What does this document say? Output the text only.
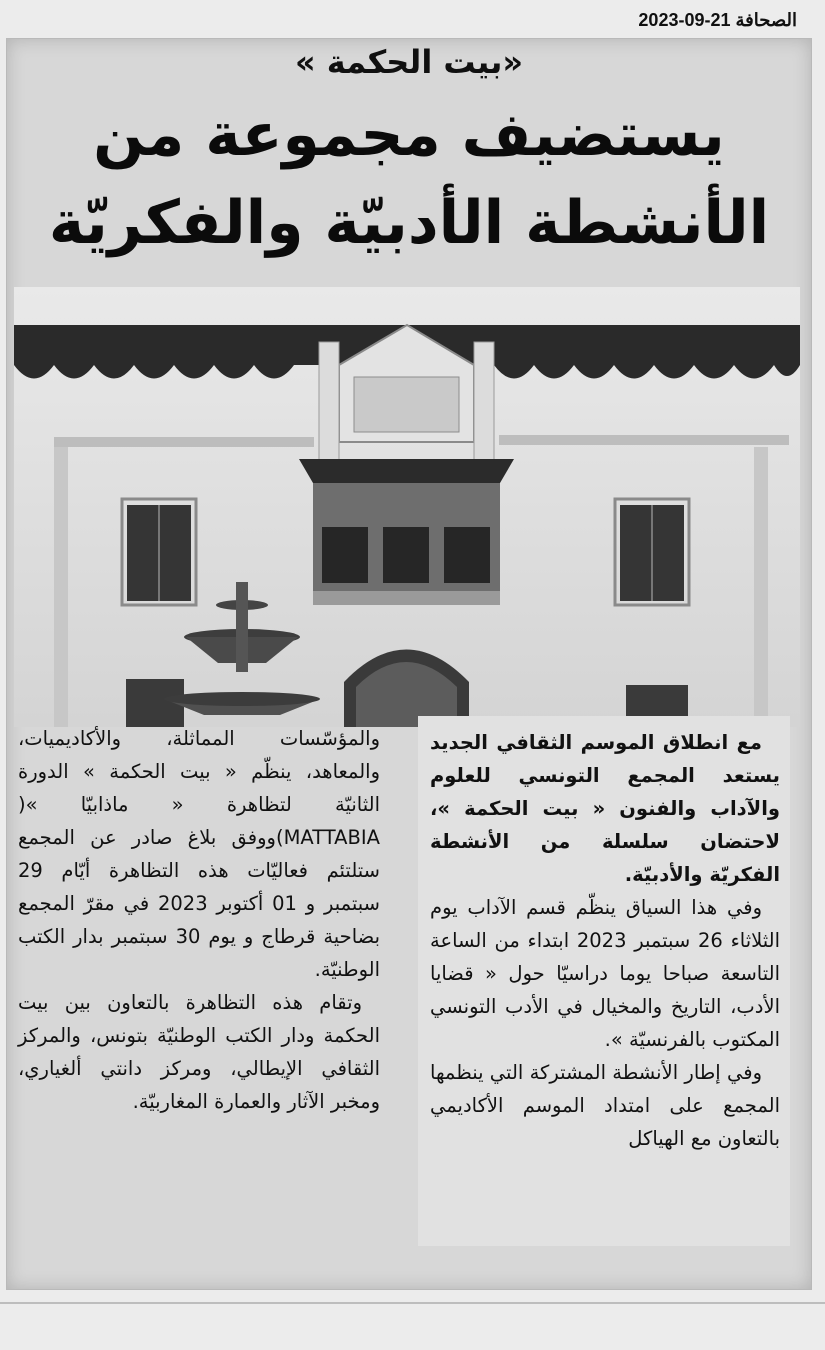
الصحافة 21-09-2023
«بيت الحكمة »
يستضيف مجموعة من الأنشطة الأدبيّة والفكريّة

مع انطلاق الموسم الثقافي الجديد يستعد المجمع التونسي للعلوم والآداب والفنون « بيت الحكمة »، لاحتضان سلسلة من الأنشطة الفكريّة والأدبيّة.

وفي هذا السياق ينظّم قسم الآداب يوم الثلاثاء 26 سبتمبر 2023 ابتداء من الساعة التاسعة صباحا يوما دراسيّا حول « قضايا الأدب، التاريخ والمخيال في الأدب التونسي المكتوب بالفرنسيّة ».

وفي إطار الأنشطة المشتركة التي ينظمها المجمع على امتداد الموسم الأكاديمي بالتعاون مع الهياكل

والمؤسّسات المماثلة، والأكاديميات، والمعاهد، ينظّم « بيت الحكمة » الدورة الثانيّة لتظاهرة « ماذابيّا »( MATTABIA)ووفق بلاغ صادر عن المجمع ستلتئم فعاليّات هذه التظاهرة أيّام 29 سبتمبر و 01 أكتوبر 2023 في مقرّ المجمع بضاحية قرطاج و يوم 30 سبتمبر بدار الكتب الوطنيّة.

وتقام هذه التظاهرة بالتعاون بين بيت الحكمة ودار الكتب الوطنيّة بتونس، والمركز الثقافي الإيطالي، ومركز دانتي ألغياري، ومخبر الآثار والعمارة المغاربيّة.
